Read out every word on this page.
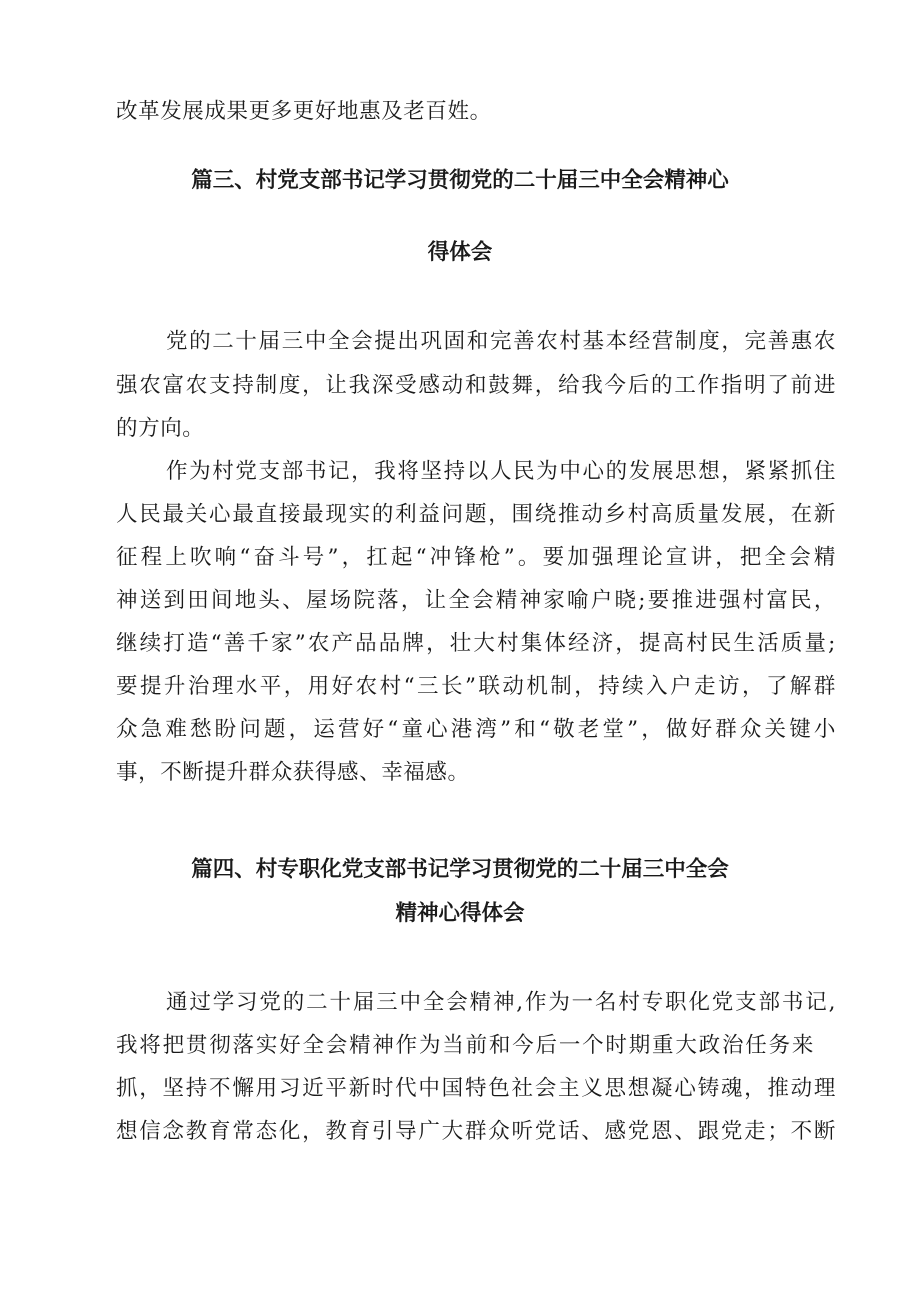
改革发展成果更多更好地惠及老百姓。
篇三、村党支部书记学习贯彻党的二十届三中全会精神心
得体会
党的二十届三中全会提出巩固和完善农村基本经营制度，完善惠农
强农富农支持制度，让我深受感动和鼓舞，给我今后的工作指明了前进
的方向。
作为村党支部书记，我将坚持以人民为中心的发展思想，紧紧抓住
人民最关心最直接最现实的利益问题，围绕推动乡村高质量发展，在新
征程上吹响“奋斗号”，扛起“冲锋枪”。要加强理论宣讲，把全会精
神送到田间地头、屋场院落，让全会精神家喻户晓;要推进强村富民，
继续打造“善千家”农产品品牌，壮大村集体经济，提高村民生活质量;
要提升治理水平，用好农村“三长”联动机制，持续入户走访，了解群
众急难愁盼问题，运营好“童心港湾”和“敬老堂”，做好群众关键小
事，不断提升群众获得感、幸福感。
篇四、村专职化党支部书记学习贯彻党的二十届三中全会
精神心得体会
通过学习党的二十届三中全会精神,作为一名村专职化党支部书记,
我将把贯彻落实好全会精神作为当前和今后一个时期重大政治任务来
抓，坚持不懈用习近平新时代中国特色社会主义思想凝心铸魂，推动理
想信念教育常态化，教育引导广大群众听党话、感党恩、跟党走；不断
